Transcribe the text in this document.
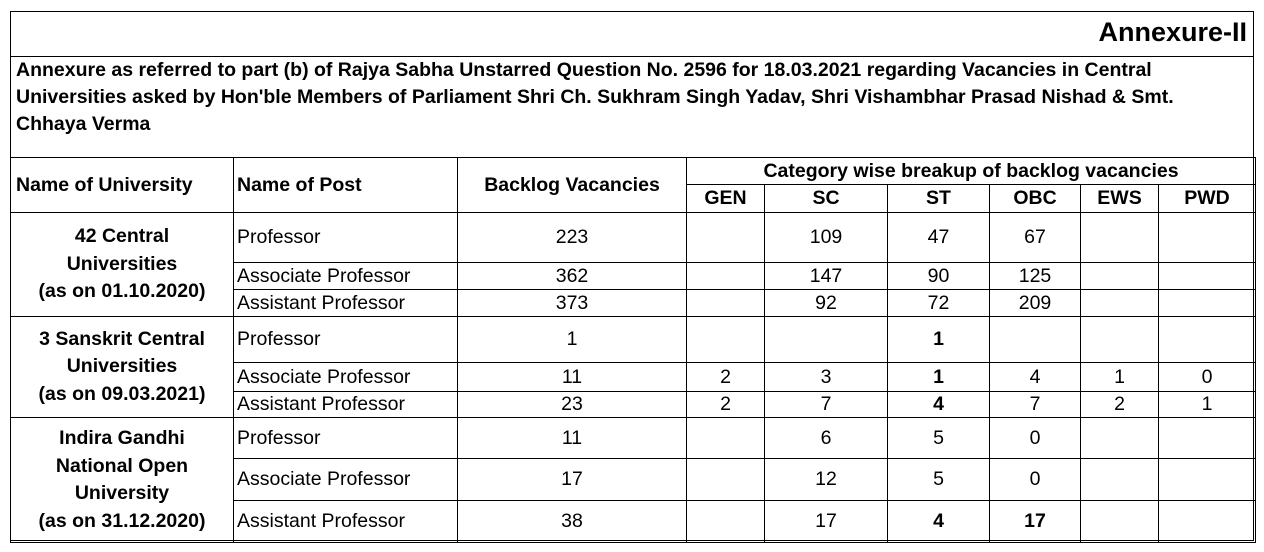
Annexure-II
Annexure as referred to part (b) of Rajya Sabha Unstarred Question No. 2596 for 18.03.2021 regarding Vacancies in Central Universities asked by Hon'ble Members of Parliament Shri Ch. Sukhram Singh Yadav, Shri Vishambhar Prasad Nishad & Smt. Chhaya Verma
Name of University	Name of Post	Backlog Vacancies	Category wise breakup of backlog vacancies					
			GEN	SC	ST	OBC	EWS	PWD

42 Central
Universities
(as on 01.10.2020)	Professor	223		109	47	67		
	Associate Professor	362		147	90	125		
	Assistant Professor	373		92	72	209		

3 Sanskrit Central
Universities
(as on 09.03.2021)	Professor	1			1			
	Associate Professor	11	2	3	1	4	1	0
	Assistant Professor	23	2	7	4	7	2	1

Indira Gandhi
National Open
University
(as on 31.12.2020)	Professor	11		6	5	0		
	Associate Professor	17		12	5	0		
	Assistant Professor	38		17	4	17		
